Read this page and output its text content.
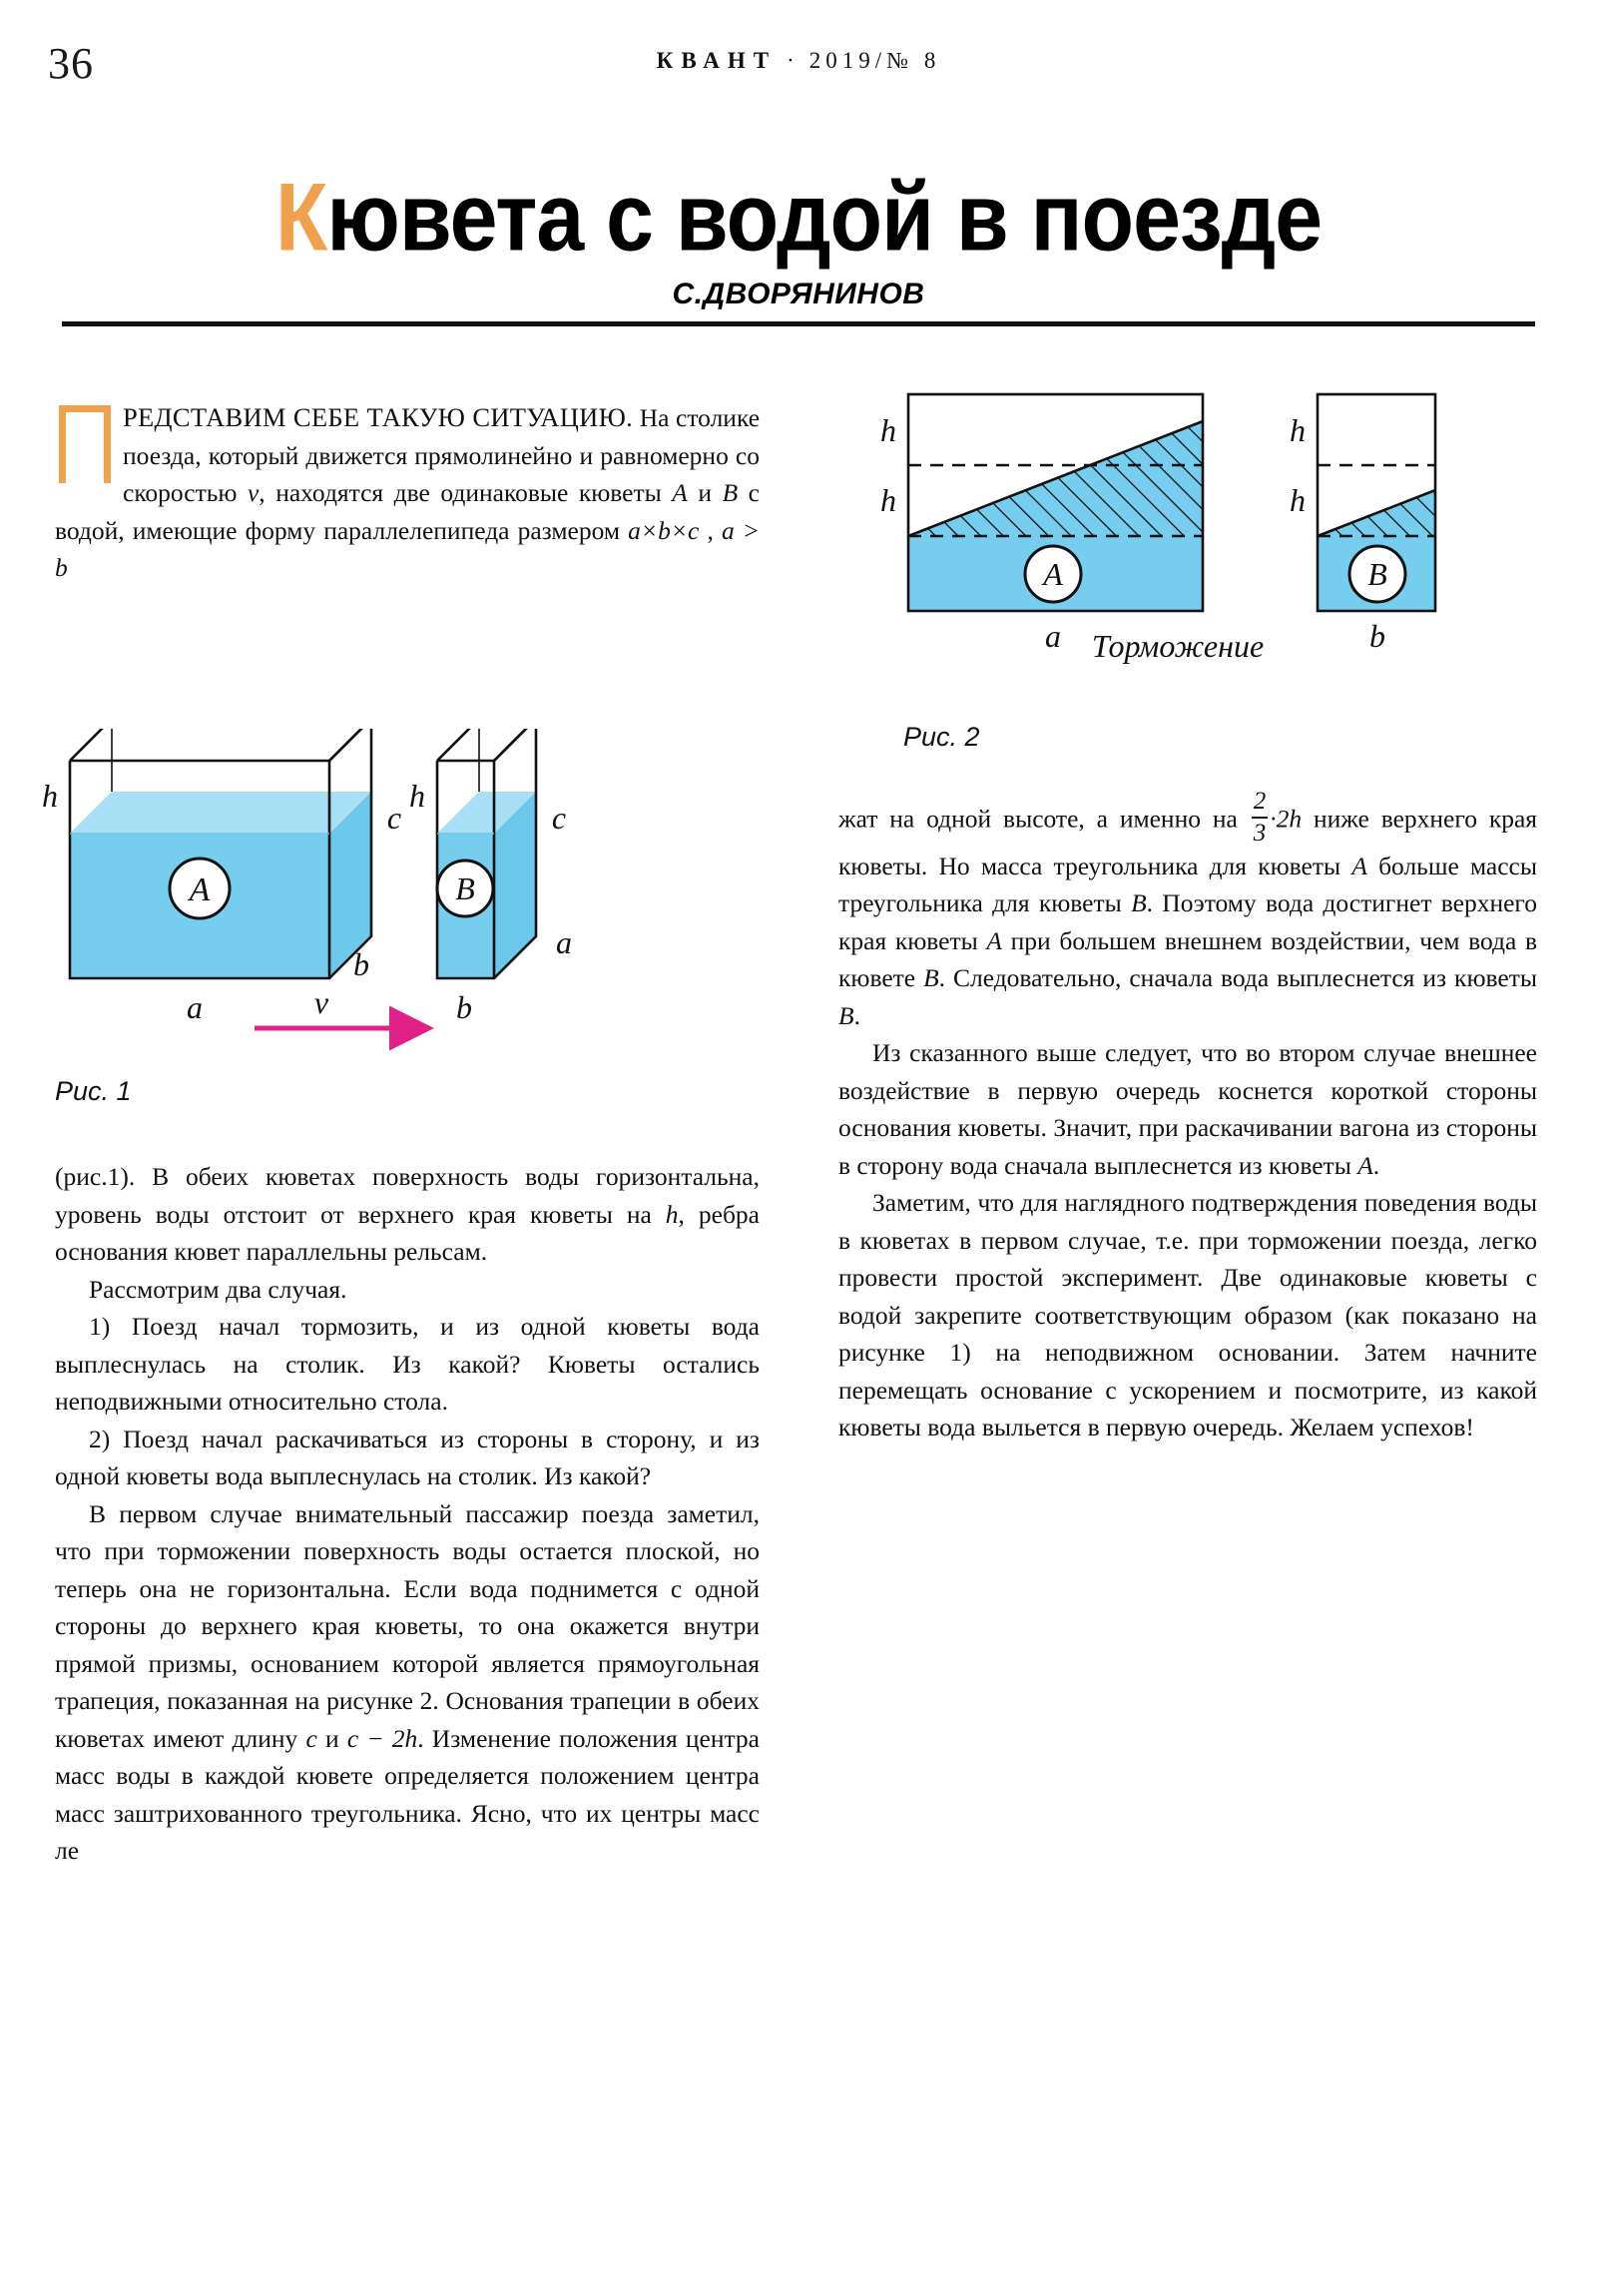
36	КВАНТ · 2019/№ 8
Кювета с водой в поезде
С.ДВОРЯНИНОВ

РЕДСТАВИМ СЕБЕ ТАКУЮ СИТУАЦИЮ. На столике поезда, который движется прямолинейно и равномерно со скоростью v, находятся две одинаковые кюветы A и B с водой, имеющие форму параллелепипеда размером a×b×c , a > b

A
h
c
a
b
B
h
c
a
b
v
Рис. 1

(рис.1). В обеих кюветах поверхность воды горизонтальна, уровень воды отстоит от верхнего края кюветы на h, ребра основания кювет параллельны рельсам.

Рассмотрим два случая.

1) Поезд начал тормозить, и из одной кюветы вода выплеснулась на столик. Из какой? Кюветы остались неподвижными относительно стола.

2) Поезд начал раскачиваться из стороны в сторону, и из одной кюветы вода выплеснулась на столик. Из какой?

В первом случае внимательный пассажир поезда заметил, что при торможении поверхность воды остается плоской, но теперь она не горизонтальна. Если вода поднимется с одной стороны до верхнего края кюветы, то она окажется внутри прямой призмы, основанием которой является прямоугольная трапеция, показанная на рисунке 2. Основания трапеции в обеих кюветах имеют длину c и c − 2h. Изменение положения центра масс воды в каждой кювете определяется положением центра масс заштрихованного треугольника. Ясно, что их центры масс ле

h
h
A
a
h
h
B
b
Торможение
Рис. 2

жат на одной высоте, а именно на $\frac{2}{3} \cdot 2h$ ниже верхнего края кюветы. Но масса треугольника для кюветы A больше массы треугольника для кюветы B. Поэтому вода достигнет верхнего края кюветы A при большем внешнем воздействии, чем вода в кювете B. Следовательно, сначала вода выплеснется из кюветы B.

Из сказанного выше следует, что во втором случае внешнее воздействие в первую очередь коснется короткой стороны основания кюветы. Значит, при раскачивании вагона из стороны в сторону вода сначала выплеснется из кюветы A.

Заметим, что для наглядного подтверждения поведения воды в кюветах в первом случае, т.е. при торможении поезда, легко провести простой эксперимент. Две одинаковые кюветы с водой закрепите соответствующим образом (как показано на рисунке 1) на неподвижном основании. Затем начните перемещать основание с ускорением и посмотрите, из какой кюветы вода выльется в первую очередь. Желаем успехов!
